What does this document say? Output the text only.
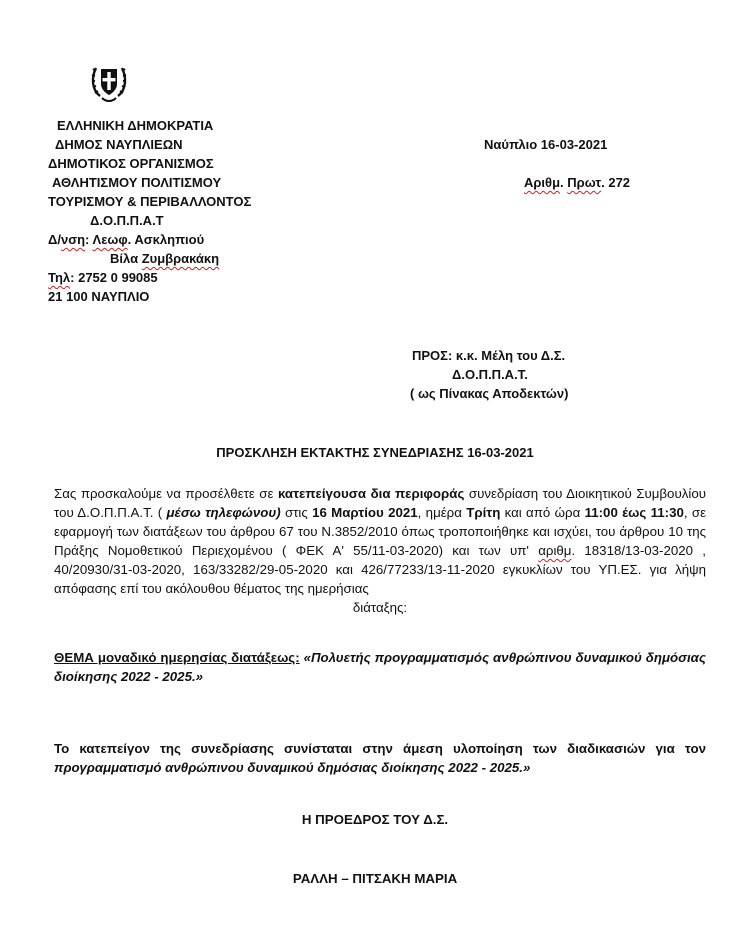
ΕΛΛΗΝΙΚΗ ΔΗΜΟΚΡΑΤΙΑ
ΔΗΜΟΣ ΝΑΥΠΛΙΕΩΝ
ΔΗΜΟΤΙΚΟΣ ΟΡΓΑΝΙΣΜΟΣ
ΑΘΛΗΤΙΣΜΟΥ ΠΟΛΙΤΙΣΜΟΥ
ΤΟΥΡΙΣΜΟΥ & ΠΕΡΙΒΑΛΛΟΝΤΟΣ
Δ.Ο.Π.Π.Α.Τ
Δ/νση: Λεωφ. Ασκληπιού
Βίλα Ζυμβρακάκη
Τηλ: 2752 0 99085
21 100 ΝΑΥΠΛΙΟ
Ναύπλιο 16-03-2021
Αριθμ. Πρωτ. 272
ΠΡΟΣ: κ.κ. Μέλη του Δ.Σ.
Δ.Ο.Π.Π.Α.Τ.
( ως Πίνακας Αποδεκτών)
ΠΡΟΣΚΛΗΣΗ ΕΚΤΑΚΤΗΣ ΣΥΝΕΔΡΙΑΣΗΣ 16-03-2021
Σας προσκαλούμε να προσέλθετε σε κατεπείγουσα δια περιφοράς συνεδρίαση του Διοικητικού Συμβουλίου του Δ.Ο.Π.Π.Α.Τ. ( μέσω τηλεφώνου) στις 16 Μαρτίου 2021, ημέρα Τρίτη και από ώρα 11:00 έως 11:30, σε εφαρμογή των διατάξεων του άρθρου 67 του Ν.3852/2010 όπως τροποποιήθηκε και ισχύει, του άρθρου 10 της Πράξης Νομοθετικού Περιεχομένου ( ΦΕΚ Α' 55/11-03-2020) και των υπ' αριθμ. 18318/13-03-2020 , 40/20930/31-03-2020, 163/33282/29-05-2020 και 426/77233/13-11-2020 εγκυκλίων του ΥΠ.ΕΣ. για λήψη απόφασης επί του ακόλουθου θέματος της ημερήσιας
διάταξης:
ΘΕΜΑ μοναδικό ημερησίας διατάξεως: «Πολυετής προγραμματισμός ανθρώπινου δυναμικού δημόσιας διοίκησης 2022 - 2025.»
Το κατεπείγον της συνεδρίασης συνίσταται στην άμεση υλοποίηση των διαδικασιών για τον προγραμματισμό ανθρώπινου δυναμικού δημόσιας διοίκησης 2022 - 2025.»
Η ΠΡΟΕΔΡΟΣ ΤΟΥ Δ.Σ.
ΡΑΛΛΗ – ΠΙΤΣΑΚΗ ΜΑΡΙΑ
